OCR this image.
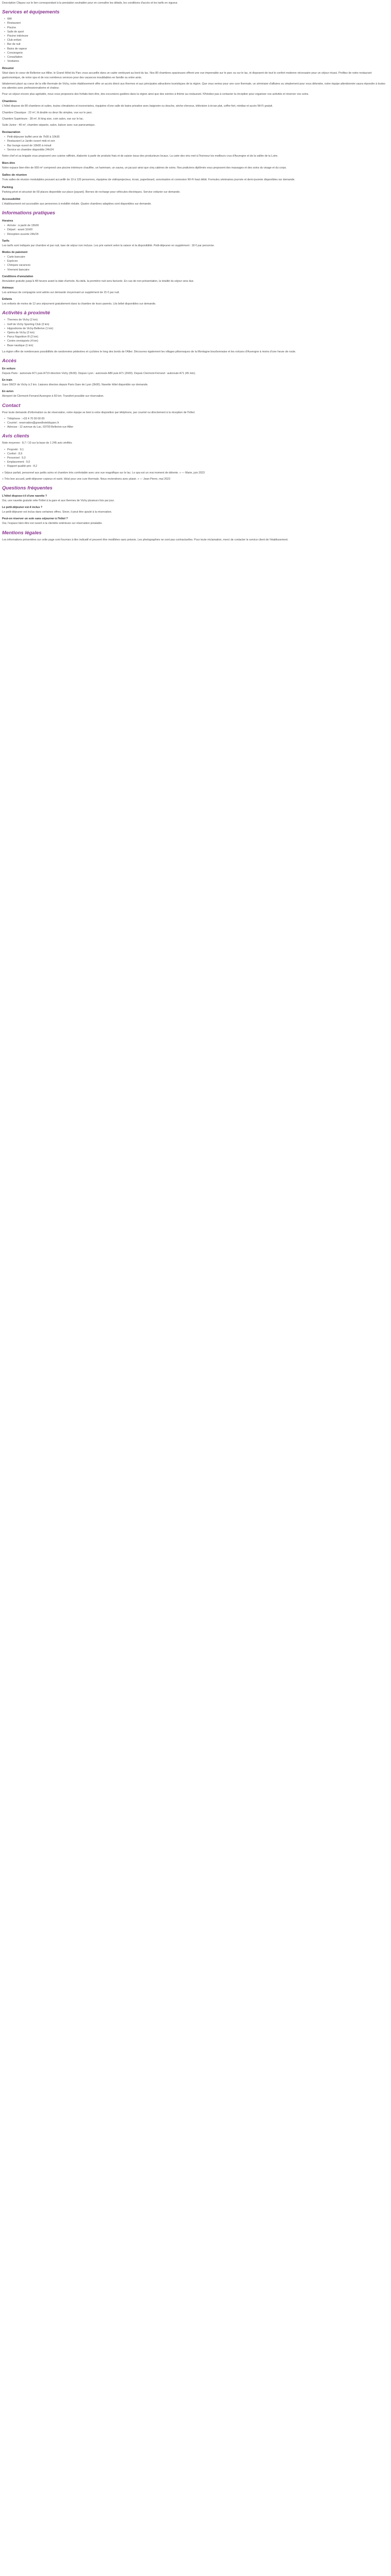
Description Cliquez sur le lien correspondant à la prestation souhaitée pour en connaître les détails, les conditions d'accès et les tarifs en vigueur.

Services et équipements
• Wifi
• Restaurant
• Piscine
• Salle de sport
• Piscine intérieure
• Club enfant
• Bar de nuit
• Bains de vapeur
• Conciergerie
• Consultation
• Vestiaires
Résumé

Situé dans le coeur de Bellerive-sur-Allier, le Grand Hôtel du Parc vous accueille dans un cadre verdoyant au bord du lac. Nos 80 chambres spacieuses offrent une vue imprenable sur le parc ou sur le lac, et disposent de tout le confort moderne nécessaire pour un séjour réussi. Profitez de notre restaurant gastronomique, de notre spa et de nos nombreux services pour des vacances inoubliables en famille ou entre amis.

Idéalement placé au coeur de la ville thermale de Vichy, notre établissement offre un accès direct aux thermes et aux principales attractions touristiques de la région. Que vous veniez pour une cure thermale, un séminaire d'affaires ou simplement pour vous détendre, notre équipe attentionnée saura répondre à toutes vos attentes avec professionnalisme et chaleur.

Pour un séjour encore plus agréable, nous vous proposons des forfaits bien-être, des excursions guidées dans la région ainsi que des soirées à thème au restaurant. N'hésitez pas à contacter la réception pour organiser vos activités et réserver vos soins.

Chambres

L'hôtel dispose de 80 chambres et suites, toutes climatisées et insonorisées, équipées d'une salle de bains privative avec baignoire ou douche, sèche-cheveux, télévision à écran plat, coffre-fort, minibar et accès Wi-Fi gratuit.

Chambre Classique : 22 m², lit double ou deux lits simples, vue sur le parc.

Chambre Supérieure : 28 m², lit king size, coin salon, vue sur le lac.

Suite Junior : 40 m², chambre séparée, salon, balcon avec vue panoramique.

Restauration
• Petit-déjeuner buffet servi de 7h00 à 10h30
• Restaurant Le Jardin ouvert midi et soir
• Bar lounge ouvert de 10h00 à minuit
• Service en chambre disponible 24h/24

Notre chef et sa brigade vous proposent une cuisine raffinée, élaborée à partir de produits frais et de saison issus des producteurs locaux. La carte des vins met à l'honneur les meilleurs crus d'Auvergne et de la vallée de la Loire.

Bien-être

Notre espace bien-être de 600 m² comprend une piscine intérieure chauffée, un hammam, un sauna, un jacuzzi ainsi que cinq cabines de soins. Nos praticiens diplômés vous proposent des massages et des soins du visage et du corps.

Salles de réunion

Trois salles de réunion modulables pouvant accueillir de 10 à 120 personnes, équipées de vidéoprojecteur, écran, paperboard, sonorisation et connexion Wi-Fi haut débit. Formules séminaires journée et demi-journée disponibles sur demande.

Parking

Parking privé et sécurisé de 60 places disponible sur place (payant). Bornes de recharge pour véhicules électriques. Service voiturier sur demande.

Accessibilité

L'établissement est accessible aux personnes à mobilité réduite. Quatre chambres adaptées sont disponibles sur demande.

Informations pratiques
Horaires
• Arrivée : à partir de 15h00
• Départ : avant 11h00
• Réception ouverte 24h/24
Tarifs

Les tarifs sont indiqués par chambre et par nuit, taxe de séjour non incluse. Les prix varient selon la saison et la disponibilité. Petit-déjeuner en supplément : 18 € par personne.

Modes de paiement
• Carte bancaire
• Espèces
• Chèques vacances
• Virement bancaire
Conditions d'annulation

Annulation gratuite jusqu'à 48 heures avant la date d'arrivée. Au-delà, la première nuit sera facturée. En cas de non-présentation, la totalité du séjour sera due.

Animaux

Les animaux de compagnie sont admis sur demande moyennant un supplément de 15 € par nuit.

Enfants

Les enfants de moins de 12 ans séjournent gratuitement dans la chambre de leurs parents. Lits bébé disponibles sur demande.

Activités à proximité
• Thermes de Vichy (2 km)
• Golf de Vichy Sporting Club (3 km)
• Hippodrome de Vichy-Bellerive (1 km)
• Opéra de Vichy (2 km)
• Parcs Napoléon III (2 km)
• Centre omnisports (4 km)
• Base nautique (1 km)

La région offre de nombreuses possibilités de randonnées pédestres et cyclistes le long des bords de l'Allier. Découvrez également les villages pittoresques de la Montagne bourbonnaise et les volcans d'Auvergne à moins d'une heure de route.

Accès
En voiture

Depuis Paris : autoroute A71 puis A719 direction Vichy (3h30). Depuis Lyon : autoroute A89 puis A71 (2h00). Depuis Clermont-Ferrand : autoroute A71 (45 min).

En train

Gare SNCF de Vichy à 2 km. Liaisons directes depuis Paris Gare de Lyon (3h00). Navette hôtel disponible sur demande.

En avion

Aéroport de Clermont-Ferrand Auvergne à 60 km. Transfert possible sur réservation.

Contact

Pour toute demande d'information ou de réservation, notre équipe se tient à votre disposition par téléphone, par courriel ou directement à la réception de l'hôtel.

• Téléphone : +33 4 70 00 00 00
• Courriel : reservation@grandhotelduparc.fr
• Adresse : 12 avenue du Lac, 03700 Bellerive-sur-Allier
Avis clients

Note moyenne : 8,7 / 10 sur la base de 1 245 avis vérifiés.

• Propreté : 9,1
• Confort : 8,9
• Personnel : 9,3
• Emplacement : 9,0
• Rapport qualité-prix : 8,2

« Séjour parfait, personnel aux petits soins et chambre très confortable avec une vue magnifique sur le lac. Le spa est un vrai moment de détente. » — Marie, juin 2023

« Très bon accueil, petit-déjeuner copieux et varié. Idéal pour une cure thermale. Nous reviendrons avec plaisir. » — Jean-Pierre, mai 2023

Questions fréquentes
L'hôtel dispose-t-il d'une navette ?

Oui, une navette gratuite relie l'hôtel à la gare et aux thermes de Vichy plusieurs fois par jour.

Le petit-déjeuner est-il inclus ?

Le petit-déjeuner est inclus dans certaines offres. Sinon, il peut être ajouté à la réservation.

Peut-on réserver un soin sans séjourner à l'hôtel ?

Oui, l'espace bien-être est ouvert à la clientèle extérieure sur réservation préalable.

Mentions légales

Les informations présentées sur cette page sont fournies à titre indicatif et peuvent être modifiées sans préavis. Les photographies ne sont pas contractuelles. Pour toute réclamation, merci de contacter le service client de l'établissement.
